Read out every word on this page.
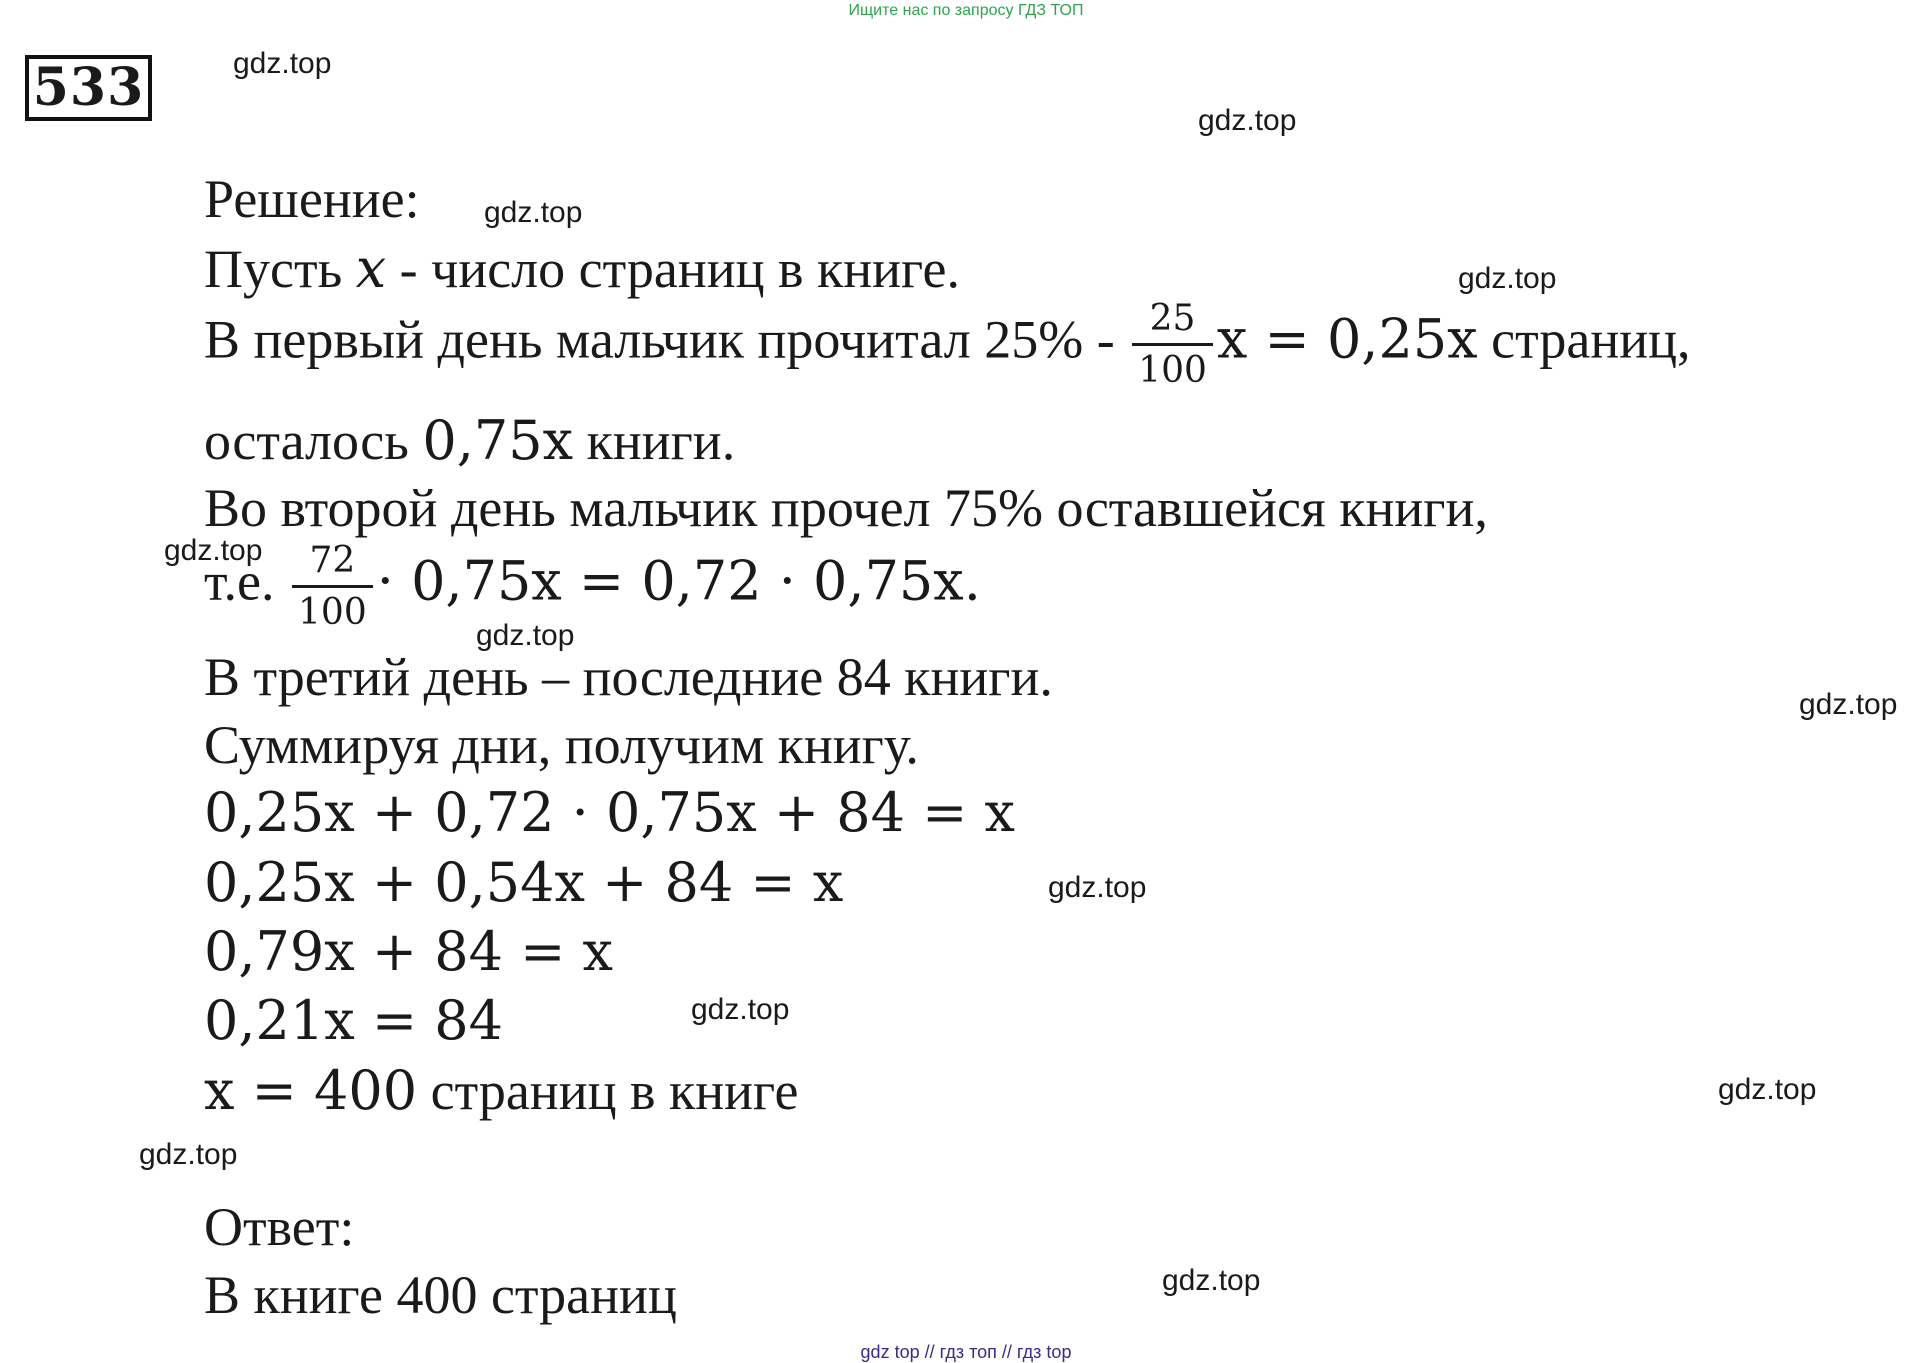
Ищите нас по запросу ГДЗ ТОП
533	gdz.top
gdz.top
gdz.top
gdz.top
gdz.top
gdz.top
gdz.top
gdz.top
gdz.top
gdz.top
gdz.top
gdz.top
Решение:
Пусть x - число страниц в книге.
В первый день мальчик прочитал $25\% - \frac{25}{100}$ x = 0,25x страниц,
осталось 0,75x книги.
Во второй день мальчик прочел 75% оставшейся книги,
т.е. $\frac{72}{100} \cdot 0,75x = 0,72 \cdot 0,75x$.
В третий день – последние 84 книги.
Суммируя дни, получим книгу.
0,25x + 0,72 · 0,75x + 84 = x
0,25x + 0,54x + 84 = x
0,79x + 84 = x
0,21x = 84
x = 400 страниц в книге
Ответ:
В книге 400 страниц
gdz top // гдз топ // гдз top
